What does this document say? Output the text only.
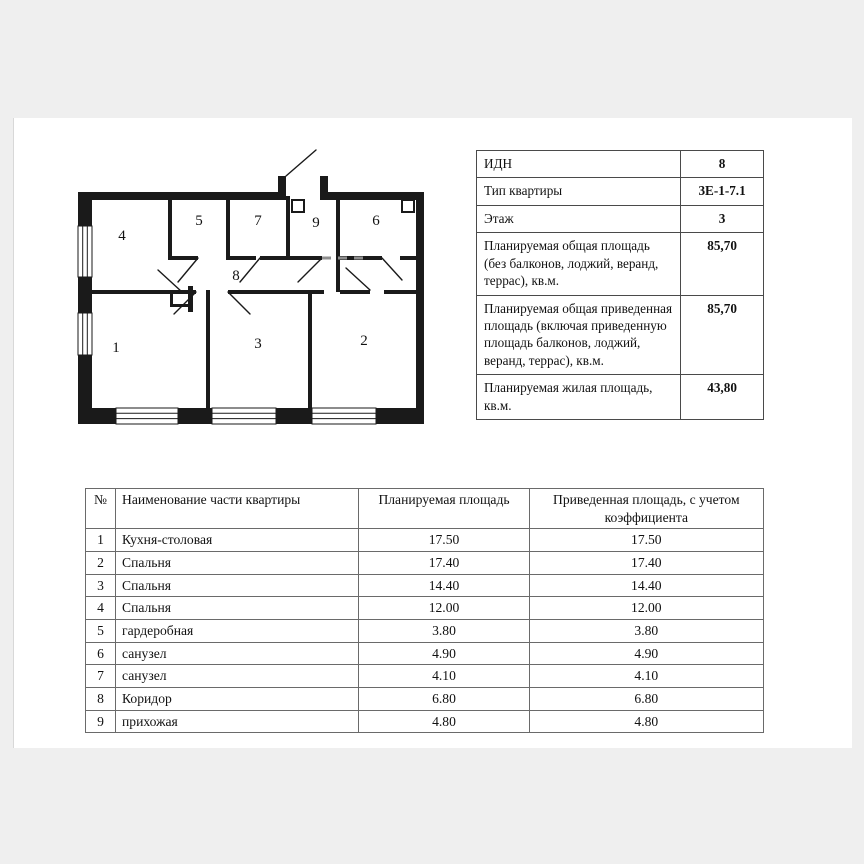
1	2
3
4
5	6
7
8
9
ИДН	8
Тип квартиры	3Е-1-7.1
Этаж	3
Планируемая общая площадь (без балконов, лоджий, веранд, террас), кв.м.	85,70
Планируемая общая приведенная площадь (включая приведенную площадь балконов, лоджий, веранд, террас), кв.м.	85,70
Планируемая жилая площадь, кв.м.	43,80
№	Наименование части квартиры	Планируемая площадь	Приведенная площадь, с учетом коэффициента
1	Кухня-столовая	17.50	17.50
2	Спальня	17.40	17.40
3	Спальня	14.40	14.40
4	Спальня	12.00	12.00
5	гардеробная	3.80	3.80
6	санузел	4.90	4.90
7	санузел	4.10	4.10
8	Коридор	6.80	6.80
9	прихожая	4.80	4.80
